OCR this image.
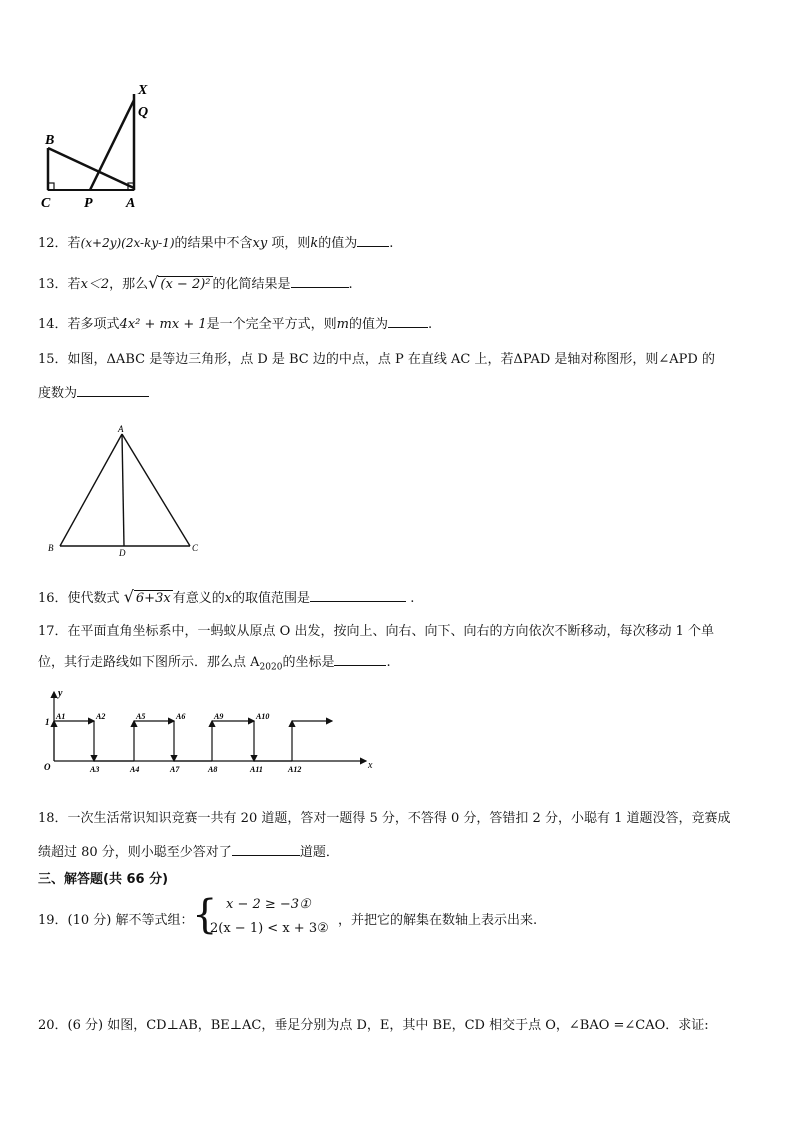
X
Q
B
C P A
12．若(x+2y)(2x-ky-1)的结果中不含xy 项，则k的值为 .
13．若x＜2，那么√ (x − 2)² 的化简结果是	.
14．若多项式4x² + mx + 1是一个完全平方式，则m的值为	.
15．如图，ΔABC 是等边三角形，点 D 是 BC 边的中点，点 P 在直线 AC 上，若ΔPAD 是轴对称图形，则∠APD 的
度数为
A
B	C
D
16．使代数式 √ 6+3x 有意义的x的取值范围是	.
17．在平面直角坐标系中，一蚂蚁从原点 O 出发，按向上、向右、向下、向右的方向依次不断移动，每次移动 1 个单
位，其行走路线如下图所示．那么点 $A_{2020}$的坐标是	.
y
x
O
1
A1	A2	A5	A6	A9	A10
A3	A4	A7	A8	A11	A12
18．一次生活常识知识竞赛一共有 20 道题，答对一题得 5 分，不答得 0 分，答错扣 2 分，小聪有 1 道题没答，竞赛成
绩超过 80 分，则小聪至少答对了	道题．
三、解答题(共 66 分)
19．(10 分) 解不等式组：
{ x − 2 ≥ −3①
2(x − 1) < x + 3②
，并把它的解集在数轴上表示出来.
20．(6 分) 如图，CD⊥AB，BE⊥AC，垂足分别为点 D，E，其中 BE，CD 相交于点 O，∠BAO =∠CAO．求证:
